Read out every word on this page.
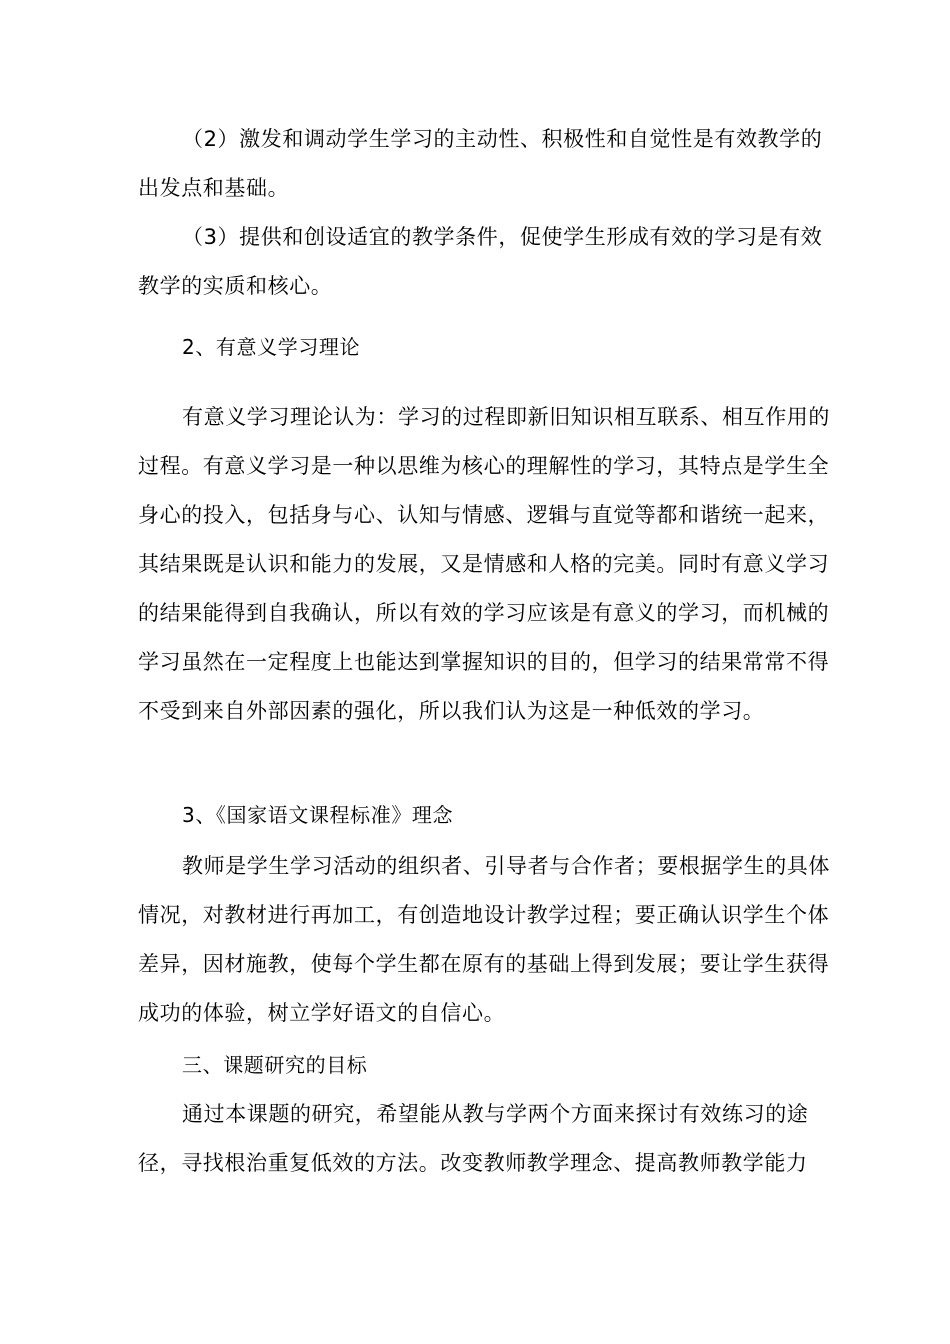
（2）激发和调动学生学习的主动性、积极性和自觉性是有效教学的出发点和基础。

（3）提供和创设适宜的教学条件，促使学生形成有效的学习是有效教学的实质和核心。

2、有意义学习理论

有意义学习理论认为：学习的过程即新旧知识相互联系、相互作用的过程。有意义学习是一种以思维为核心的理解性的学习，其特点是学生全身心的投入，包括身与心、认知与情感、逻辑与直觉等都和谐统一起来，其结果既是认识和能力的发展，又是情感和人格的完美。同时有意义学习的结果能得到自我确认，所以有效的学习应该是有意义的学习，而机械的学习虽然在一定程度上也能达到掌握知识的目的，但学习的结果常常不得不受到来自外部因素的强化，所以我们认为这是一种低效的学习。

3、《国家语文课程标准》理念

教师是学生学习活动的组织者、引导者与合作者；要根据学生的具体情况，对教材进行再加工，有创造地设计教学过程；要正确认识学生个体差异，因材施教，使每个学生都在原有的基础上得到发展；要让学生获得成功的体验，树立学好语文的自信心。

三、课题研究的目标

通过本课题的研究，希望能从教与学两个方面来探讨有效练习的途径，寻找根治重复低效的方法。改变教师教学理念、提高教师教学能力
